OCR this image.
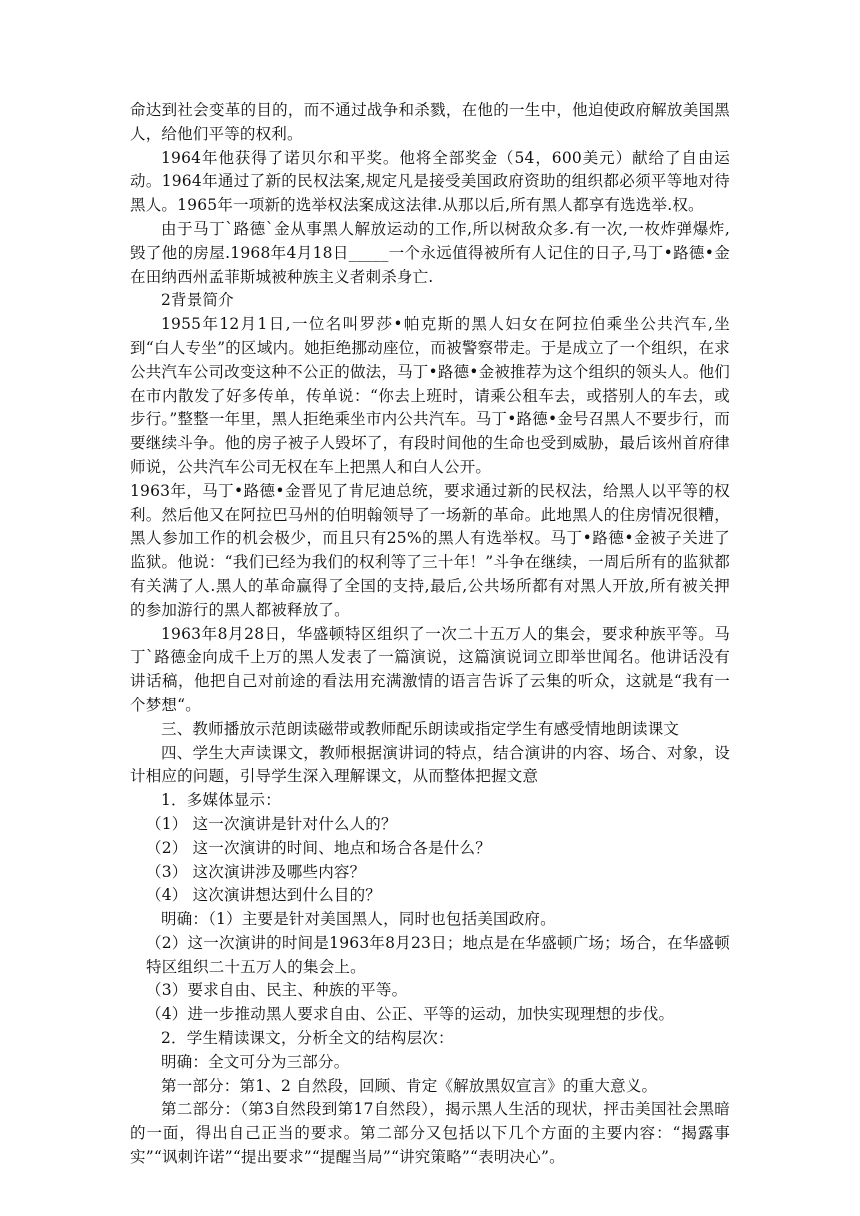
命达到社会变革的目的，而不通过战争和杀戮，在他的一生中，他迫使政府解放美国黑人，给他们平等的权利。

1964年他获得了诺贝尔和平奖。他将全部奖金（54，600美元）献给了自由运动。1964年通过了新的民权法案,规定凡是接受美国政府资助的组织都必须平等地对待黑人。1965年一项新的选举权法案成这法律.从那以后,所有黑人都享有选选举.权。

由于马丁`路德`金从事黑人解放运动的工作,所以树敌众多.有一次,一枚炸弹爆炸,毁了他的房屋.1968年4月18日_____一个永远值得被所有人记住的日子,马丁•路德•金在田纳西州孟菲斯城被种族主义者刺杀身亡.

2背景简介

1955年12月1日,一位名叫罗莎•帕克斯的黑人妇女在阿拉伯乘坐公共汽车,坐到“白人专坐”的区域内。她拒绝挪动座位，而被警察带走。于是成立了一个组织，在求公共汽车公司改变这种不公正的做法，马丁•路德•金被推荐为这个组织的领头人。他们在市内散发了好多传单，传单说：“你去上班时，请乘公租车去，或搭别人的车去，或步行。”整整一年里，黑人拒绝乘坐市内公共汽车。马丁•路德•金号召黑人不要步行，而要继续斗争。他的房子被子人毁坏了，有段时间他的生命也受到威胁，最后该州首府律师说，公共汽车公司无权在车上把黑人和白人公开。

1963年，马丁•路德•金晋见了肯尼迪总统，要求通过新的民权法，给黑人以平等的权利。然后他又在阿拉巴马州的伯明翰领导了一场新的革命。此地黑人的住房情况很糟，黑人参加工作的机会极少，而且只有25%的黑人有选举权。马丁•路德•金被子关进了监狱。他说：“我们已经为我们的权利等了三十年！”斗争在继续，一周后所有的监狱都有关满了人.黑人的革命赢得了全国的支持,最后,公共场所都有对黑人开放,所有被关押的参加游行的黑人都被释放了。

1963年8月28日，华盛顿特区组织了一次二十五万人的集会，要求种族平等。马丁`路德金向成千上万的黑人发表了一篇演说，这篇演说词立即举世闻名。他讲话没有讲话稿，他把自己对前途的看法用充满激情的语言告诉了云集的听众，这就是“我有一个梦想“。

三、教师播放示范朗读磁带或教师配乐朗读或指定学生有感受情地朗读课文

四、学生大声读课文，教师根据演讲词的特点，结合演讲的内容、场合、对象，设计相应的问题，引导学生深入理解课文，从而整体把握文意

1．多媒体显示：

（1） 这一次演讲是针对什么人的？

（2） 这一次演讲的时间、地点和场合各是什么？

（3） 这次演讲涉及哪些内容？

（4） 这次演讲想达到什么目的？

明确：（1）主要是针对美国黑人，同时也包括美国政府。

（2）这一次演讲的时间是1963年8月23日；地点是在华盛顿广场；场合，在华盛顿特区组织二十五万人的集会上。

（3）要求自由、民主、种族的平等。

（4）进一步推动黑人要求自由、公正、平等的运动，加快实现理想的步伐。

2．学生精读课文，分析全文的结构层次：

明确：全文可分为三部分。

第一部分：第1、2 自然段，回顾、肯定《解放黑奴宣言》的重大意义。

第二部分：（第3自然段到第17自然段），揭示黑人生活的现状，抨击美国社会黑暗的一面，得出自己正当的要求。第二部分又包括以下几个方面的主要内容：“揭露事实”“讽刺许诺”“提出要求”“提醒当局”“讲究策略”“表明决心”。
